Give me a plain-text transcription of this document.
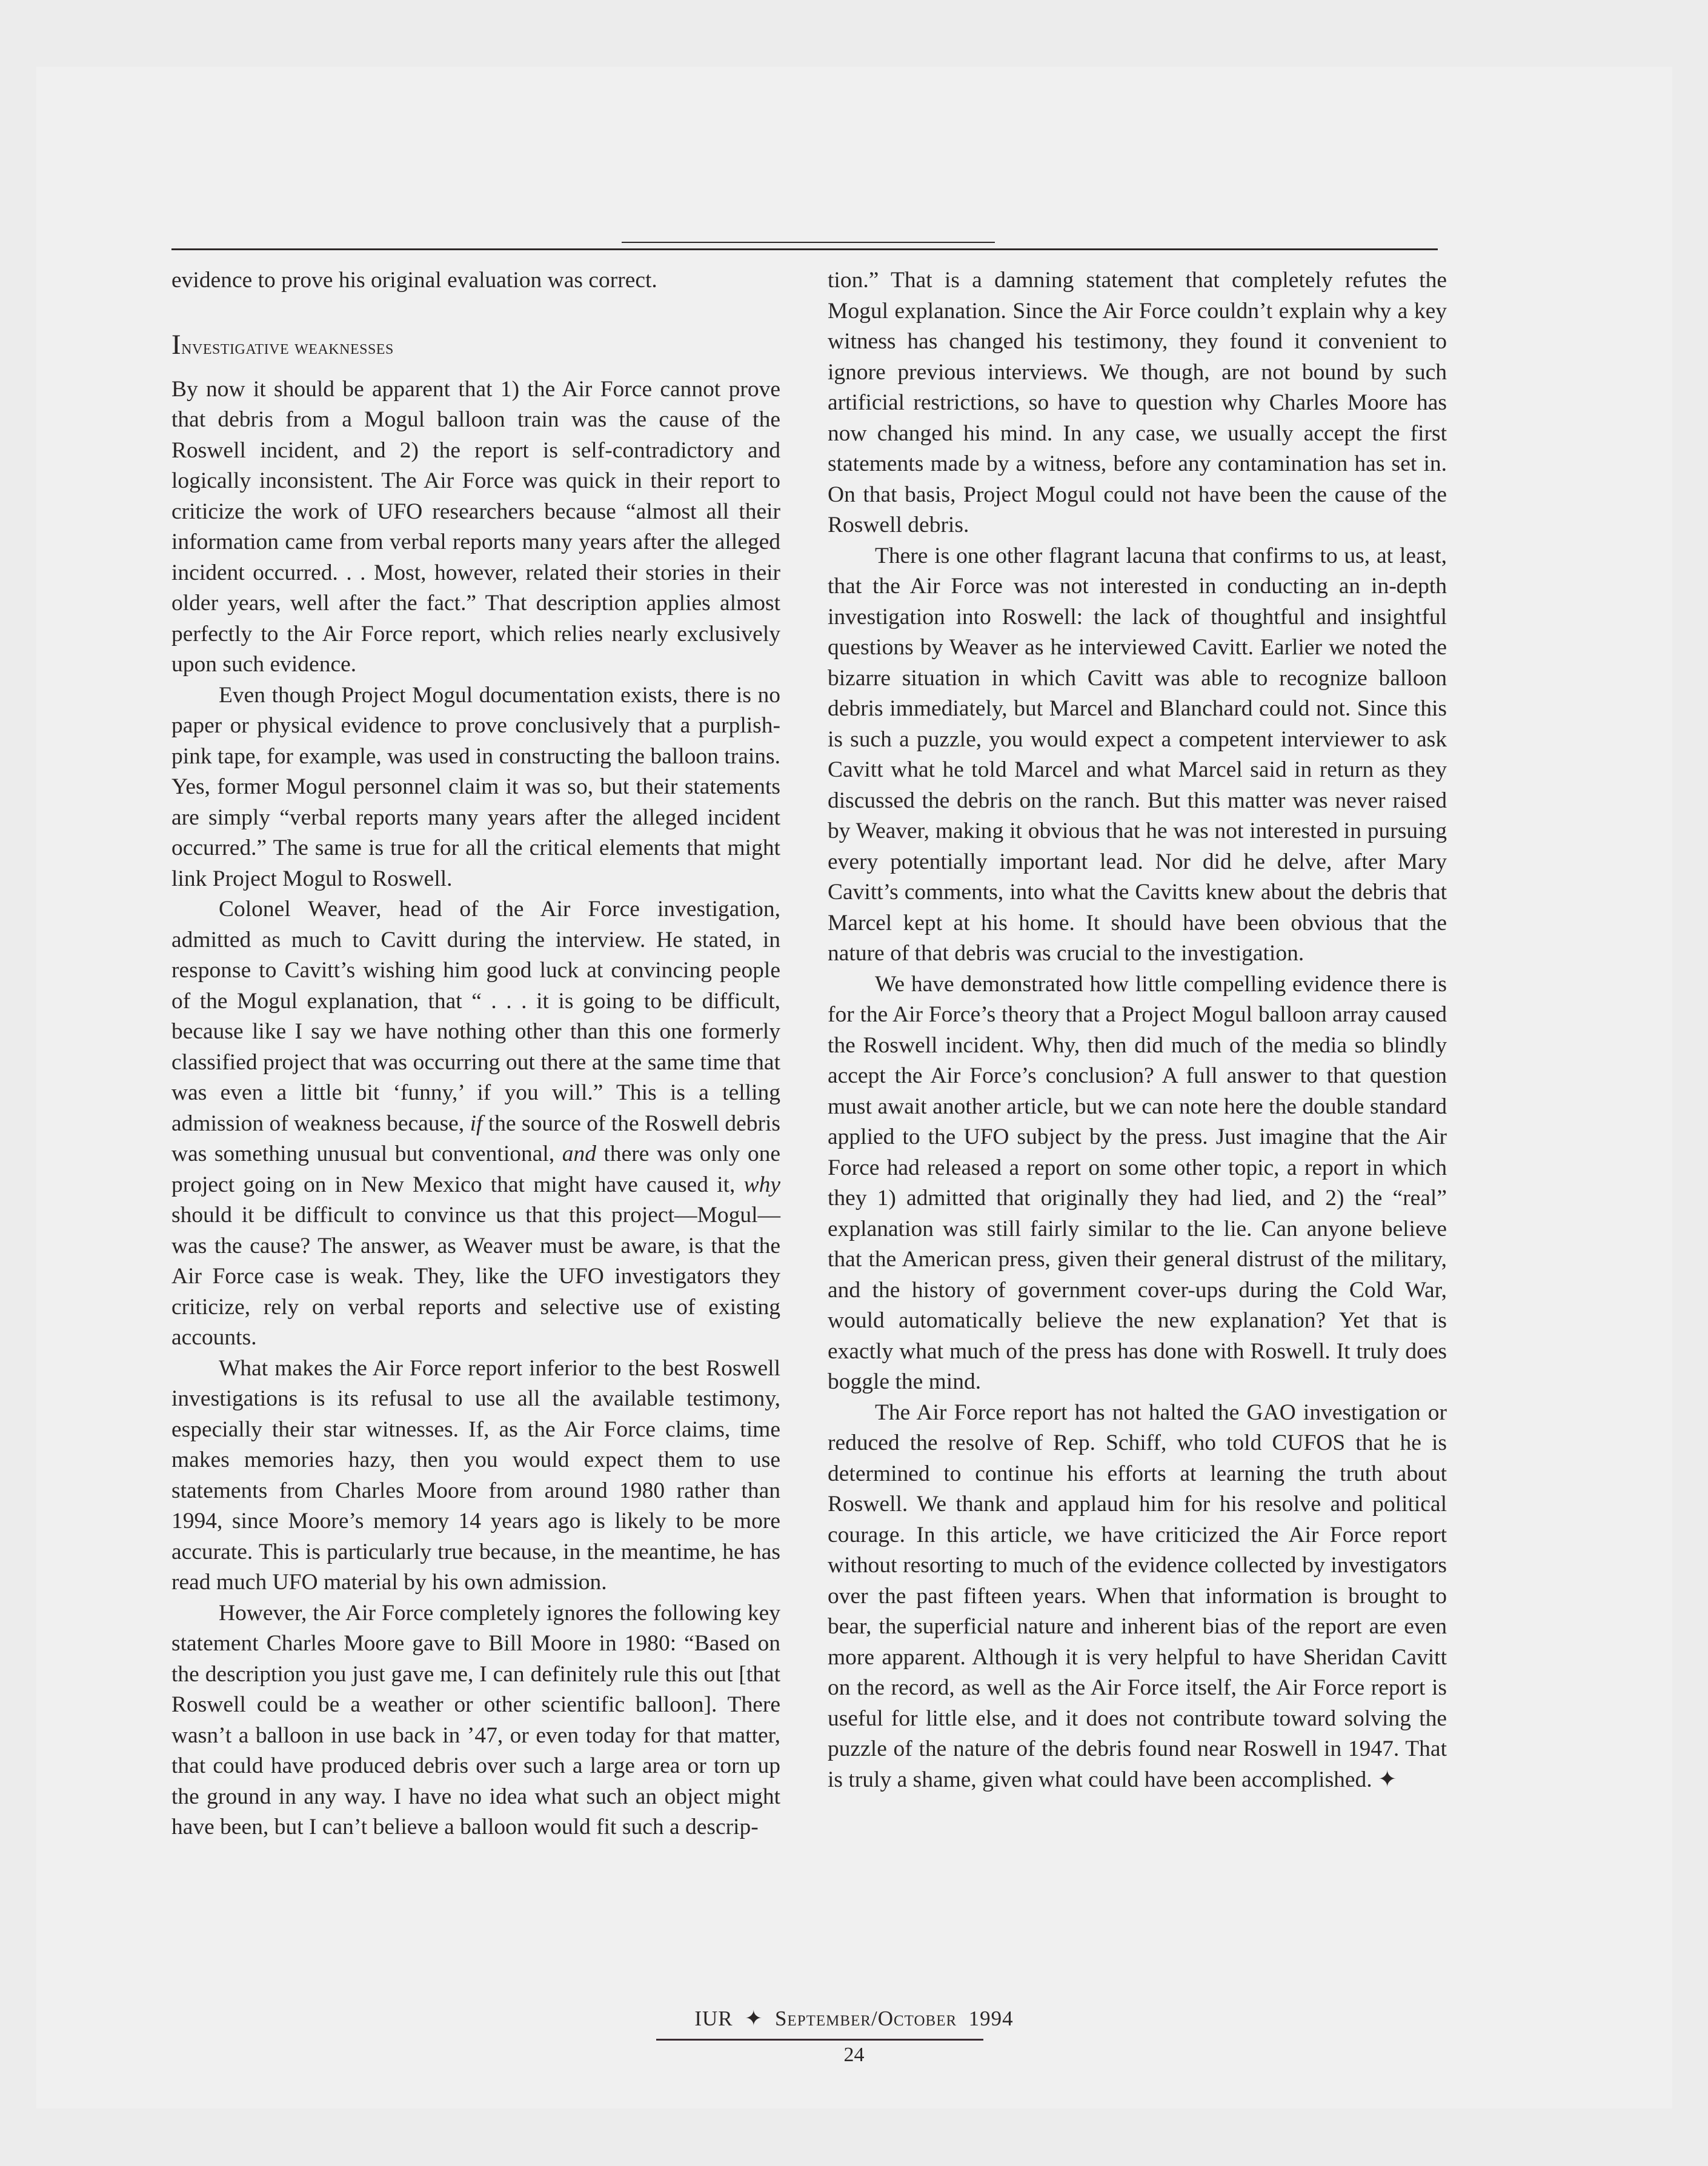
evidence to prove his original evaluation was correct.

Investigative weaknesses

By now it should be apparent that 1) the Air Force cannot prove that debris from a Mogul balloon train was the cause of the Roswell incident, and 2) the report is self-contradictory and logically inconsistent. The Air Force was quick in their report to criticize the work of UFO researchers because “almost all their information came from verbal reports many years after the alleged incident occurred. . . Most, however, related their stories in their older years, well after the fact.” That description applies almost perfectly to the Air Force report, which relies nearly exclusively upon such evidence.

Even though Project Mogul documentation exists, there is no paper or physical evidence to prove conclusively that a purplish-pink tape, for example, was used in constructing the balloon trains. Yes, former Mogul personnel claim it was so, but their statements are simply “verbal reports many years after the alleged incident occurred.” The same is true for all the critical elements that might link Project Mogul to Roswell.

Colonel Weaver, head of the Air Force investigation, admitted as much to Cavitt during the interview. He stated, in response to Cavitt’s wishing him good luck at convincing people of the Mogul explanation, that “ . . . it is going to be difficult, because like I say we have nothing other than this one formerly classified project that was occurring out there at the same time that was even a little bit ‘funny,’ if you will.” This is a telling admission of weakness because, if the source of the Roswell debris was something unusual but conventional, and there was only one project going on in New Mexico that might have caused it, why should it be difficult to convince us that this project—Mogul—was the cause? The answer, as Weaver must be aware, is that the Air Force case is weak. They, like the UFO investigators they criticize, rely on verbal reports and selective use of existing accounts.

What makes the Air Force report inferior to the best Roswell investigations is its refusal to use all the available testimony, especially their star witnesses. If, as the Air Force claims, time makes memories hazy, then you would expect them to use statements from Charles Moore from around 1980 rather than 1994, since Moore’s memory 14 years ago is likely to be more accurate. This is particularly true because, in the meantime, he has read much UFO material by his own admission.

However, the Air Force completely ignores the following key statement Charles Moore gave to Bill Moore in 1980: “Based on the description you just gave me, I can definitely rule this out [that Roswell could be a weather or other scientific balloon]. There wasn’t a balloon in use back in ’47, or even today for that matter, that could have produced debris over such a large area or torn up the ground in any way. I have no idea what such an object might have been, but I can’t believe a balloon would fit such a descrip-

tion.” That is a damning statement that completely refutes the Mogul explanation. Since the Air Force couldn’t explain why a key witness has changed his testimony, they found it convenient to ignore previous interviews. We though, are not bound by such artificial restrictions, so have to question why Charles Moore has now changed his mind. In any case, we usually accept the first statements made by a witness, before any contamination has set in. On that basis, Project Mogul could not have been the cause of the Roswell debris.

There is one other flagrant lacuna that confirms to us, at least, that the Air Force was not interested in conducting an in-depth investigation into Roswell: the lack of thoughtful and insightful questions by Weaver as he interviewed Cavitt. Earlier we noted the bizarre situation in which Cavitt was able to recognize balloon debris immediately, but Marcel and Blanchard could not. Since this is such a puzzle, you would expect a competent interviewer to ask Cavitt what he told Marcel and what Marcel said in return as they discussed the debris on the ranch. But this matter was never raised by Weaver, making it obvious that he was not interested in pursuing every potentially important lead. Nor did he delve, after Mary Cavitt’s comments, into what the Cavitts knew about the debris that Marcel kept at his home. It should have been obvious that the nature of that debris was crucial to the investigation.

We have demonstrated how little compelling evidence there is for the Air Force’s theory that a Project Mogul balloon array caused the Roswell incident. Why, then did much of the media so blindly accept the Air Force’s conclusion? A full answer to that question must await another article, but we can note here the double standard applied to the UFO subject by the press. Just imagine that the Air Force had released a report on some other topic, a report in which they 1) admitted that originally they had lied, and 2) the “real” explanation was still fairly similar to the lie. Can anyone believe that the American press, given their general distrust of the military, and the history of government cover-ups during the Cold War, would automatically believe the new explanation? Yet that is exactly what much of the press has done with Roswell. It truly does boggle the mind.

The Air Force report has not halted the GAO investigation or reduced the resolve of Rep. Schiff, who told CUFOS that he is determined to continue his efforts at learning the truth about Roswell. We thank and applaud him for his resolve and political courage. In this article, we have criticized the Air Force report without resorting to much of the evidence collected by investigators over the past fifteen years. When that information is brought to bear, the superficial nature and inherent bias of the report are even more apparent. Although it is very helpful to have Sheridan Cavitt on the record, as well as the Air Force itself, the Air Force report is useful for little else, and it does not contribute toward solving the puzzle of the nature of the debris found near Roswell in 1947. That is truly a shame, given what could have been accomplished. ✦

IUR ✦ September/October 1994
24
